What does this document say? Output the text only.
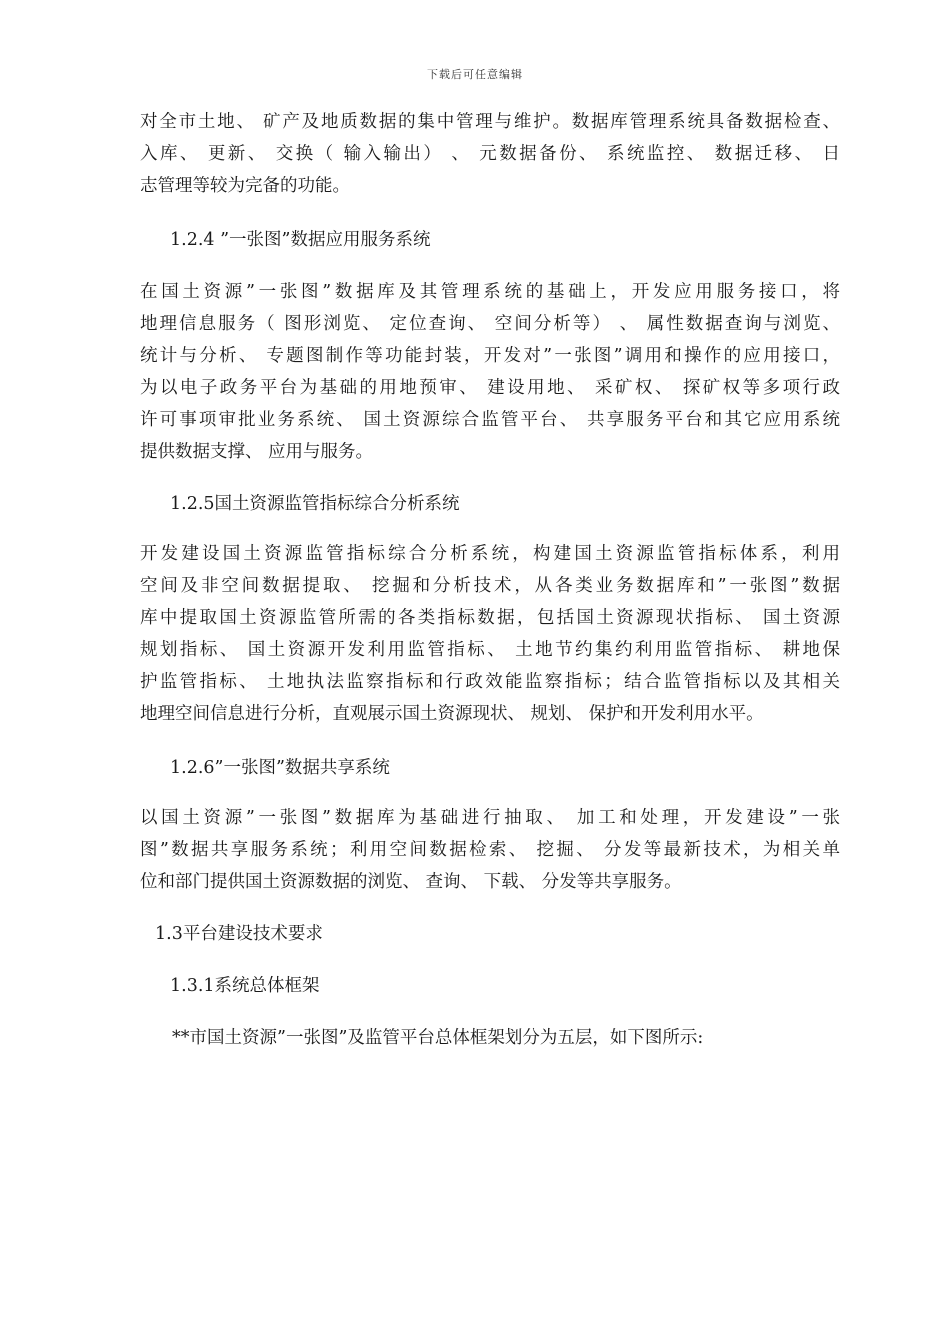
下载后可任意编辑
对全市土地、 矿产及地质数据的集中管理与维护。数据库管理系统具备数据检查、
入库、 更新、 交换（ 输入输出） 、 元数据备份、 系统监控、 数据迁移、 日
志管理等较为完备的功能。
1.2.4 ”一张图”数据应用服务系统
在国土资源”一张图”数据库及其管理系统的基础上，开发应用服务接口，将
地理信息服务（ 图形浏览、 定位查询、 空间分析等） 、 属性数据查询与浏览、
统计与分析、 专题图制作等功能封装，开发对”一张图”调用和操作的应用接口，
为以电子政务平台为基础的用地预审、 建设用地、 采矿权、 探矿权等多项行政
许可事项审批业务系统、 国土资源综合监管平台、 共享服务平台和其它应用系统
提供数据支撑、 应用与服务。
1.2.5国土资源监管指标综合分析系统
开发建设国土资源监管指标综合分析系统，构建国土资源监管指标体系，利用
空间及非空间数据提取、 挖掘和分析技术，从各类业务数据库和”一张图”数据
库中提取国土资源监管所需的各类指标数据，包括国土资源现状指标、 国土资源
规划指标、 国土资源开发利用监管指标、 土地节约集约利用监管指标、 耕地保
护监管指标、 土地执法监察指标和行政效能监察指标；结合监管指标以及其相关
地理空间信息进行分析，直观展示国土资源现状、 规划、 保护和开发利用水平。
1.2.6”一张图”数据共享系统
以国土资源”一张图”数据库为基础进行抽取、 加工和处理，开发建设”一张
图”数据共享服务系统；利用空间数据检索、 挖掘、 分发等最新技术，为相关单
位和部门提供国土资源数据的浏览、 查询、 下载、 分发等共享服务。
1.3平台建设技术要求
1.3.1系统总体框架
**市国土资源”一张图”及监管平台总体框架划分为五层，如下图所示:
